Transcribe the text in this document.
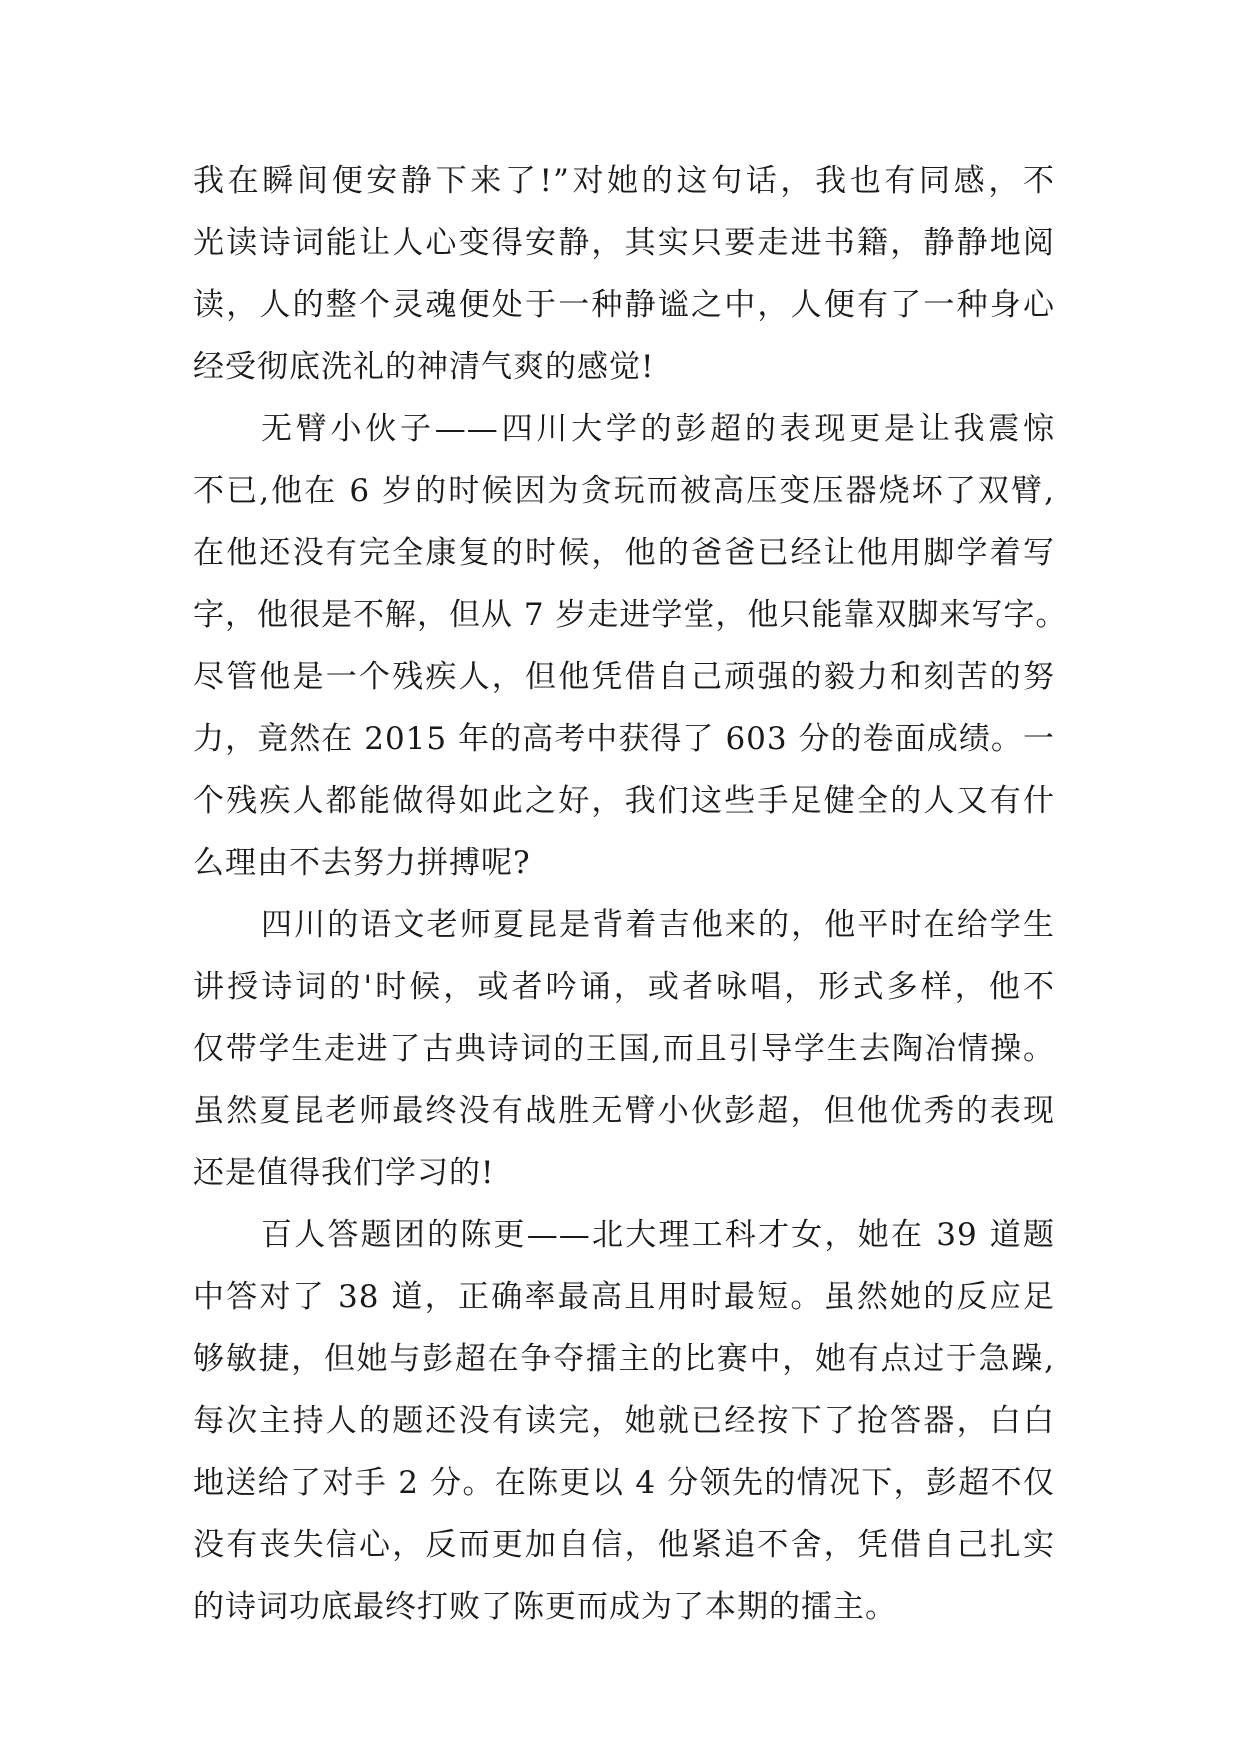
我在瞬间便安静下来了!”对她的这句话，我也有同感，不
光读诗词能让人心变得安静，其实只要走进书籍，静静地阅
读，人的整个灵魂便处于一种静谧之中，人便有了一种身心
经受彻底洗礼的神清气爽的感觉!
无臂小伙子——四川大学的彭超的表现更是让我震惊
不已,他在 6 岁的时候因为贪玩而被高压变压器烧坏了双臂,
在他还没有完全康复的时候，他的爸爸已经让他用脚学着写
字，他很是不解，但从 7 岁走进学堂，他只能靠双脚来写字。
尽管他是一个残疾人，但他凭借自己顽强的毅力和刻苦的努
力，竟然在 2015 年的高考中获得了 603 分的卷面成绩。一
个残疾人都能做得如此之好，我们这些手足健全的人又有什
么理由不去努力拼搏呢?
四川的语文老师夏昆是背着吉他来的，他平时在给学生
讲授诗词的'时候，或者吟诵，或者咏唱，形式多样，他不
仅带学生走进了古典诗词的王国,而且引导学生去陶冶情操。
虽然夏昆老师最终没有战胜无臂小伙彭超，但他优秀的表现
还是值得我们学习的!
百人答题团的陈更——北大理工科才女，她在 39 道题
中答对了 38 道，正确率最高且用时最短。虽然她的反应足
够敏捷，但她与彭超在争夺擂主的比赛中，她有点过于急躁,
每次主持人的题还没有读完，她就已经按下了抢答器，白白
地送给了对手 2 分。在陈更以 4 分领先的情况下，彭超不仅
没有丧失信心，反而更加自信，他紧追不舍，凭借自己扎实
的诗词功底最终打败了陈更而成为了本期的擂主。
